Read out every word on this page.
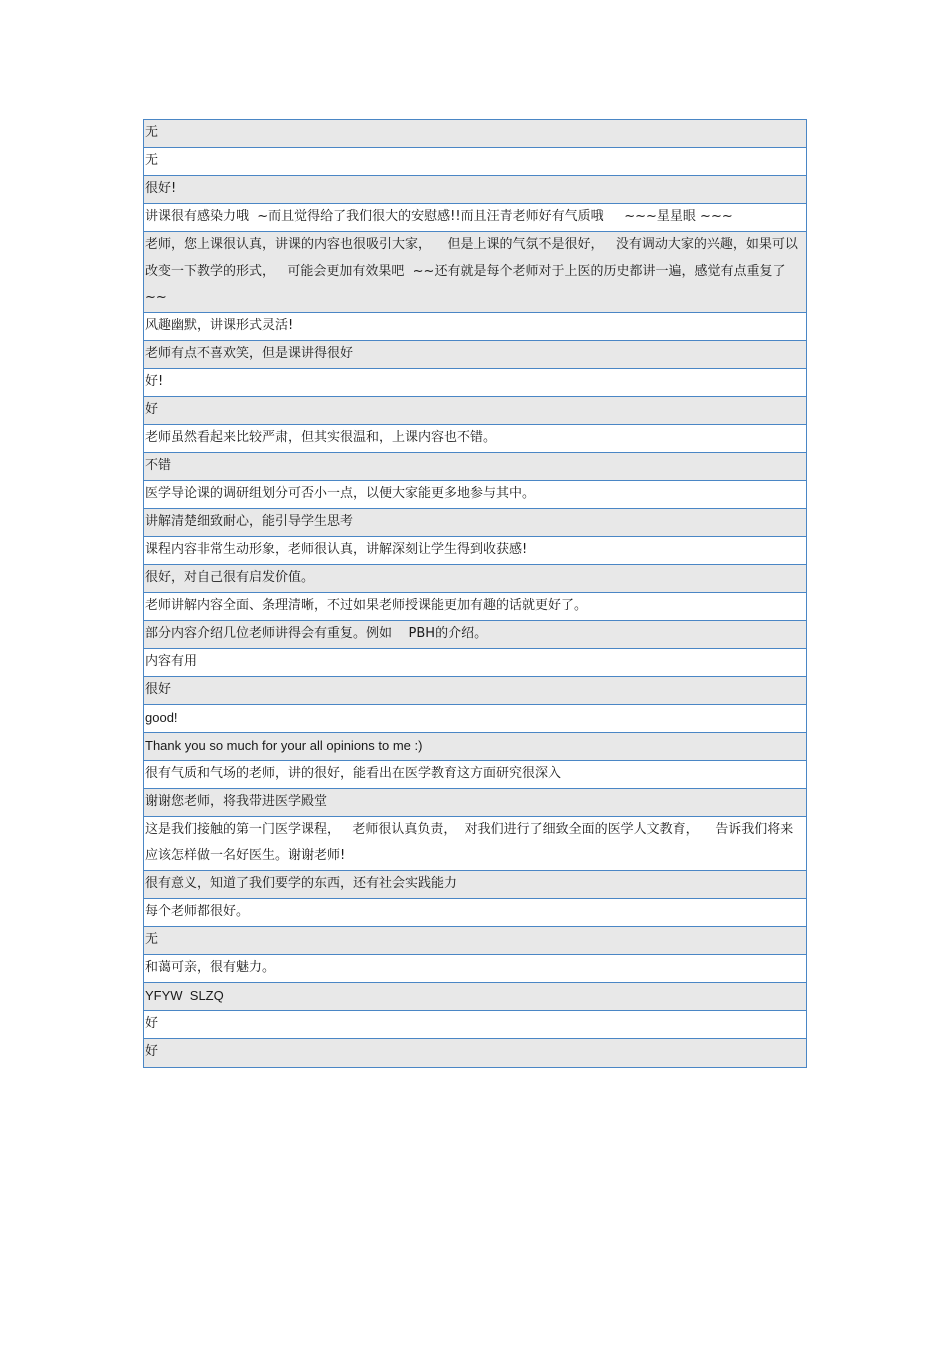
无
无
很好!
讲课很有感染力哦  ~而且觉得给了我们很大的安慰感!!而且汪青老师好有气质哦     ~~~星星眼 ~~~
老师，您上课很认真，讲课的内容也很吸引大家，    但是上课的气氛不是很好，   没有调动大家的兴趣，如果可以改变一下教学的形式，   可能会更加有效果吧  ~~还有就是每个老师对于上医的历史都讲一遍，感觉有点重复了   ~~
风趣幽默，讲课形式灵活!
老师有点不喜欢笑，但是课讲得很好
好!
好
老师虽然看起来比较严肃，但其实很温和，上课内容也不错。
不错
医学导论课的调研组划分可否小一点，以便大家能更多地参与其中。
讲解清楚细致耐心，能引导学生思考
课程内容非常生动形象，老师很认真，讲解深刻让学生得到收获感!
很好，对自己很有启发价值。
老师讲解内容全面、条理清晰，不过如果老师授课能更加有趣的话就更好了。
部分内容介绍几位老师讲得会有重复。例如    PBH的介绍。
内容有用
很好
good!
Thank you so much for your all opinions to me :)
很有气质和气场的老师，讲的很好，能看出在医学教育这方面研究很深入
谢谢您老师，将我带进医学殿堂
这是我们接触的第一门医学课程，   老师很认真负责，  对我们进行了细致全面的医学人文教育，    告诉我们将来应该怎样做一名好医生。谢谢老师!
很有意义，知道了我们要学的东西，还有社会实践能力
每个老师都很好。
无
和蔼可亲，很有魅力。
YFYW  SLZQ
好
好
